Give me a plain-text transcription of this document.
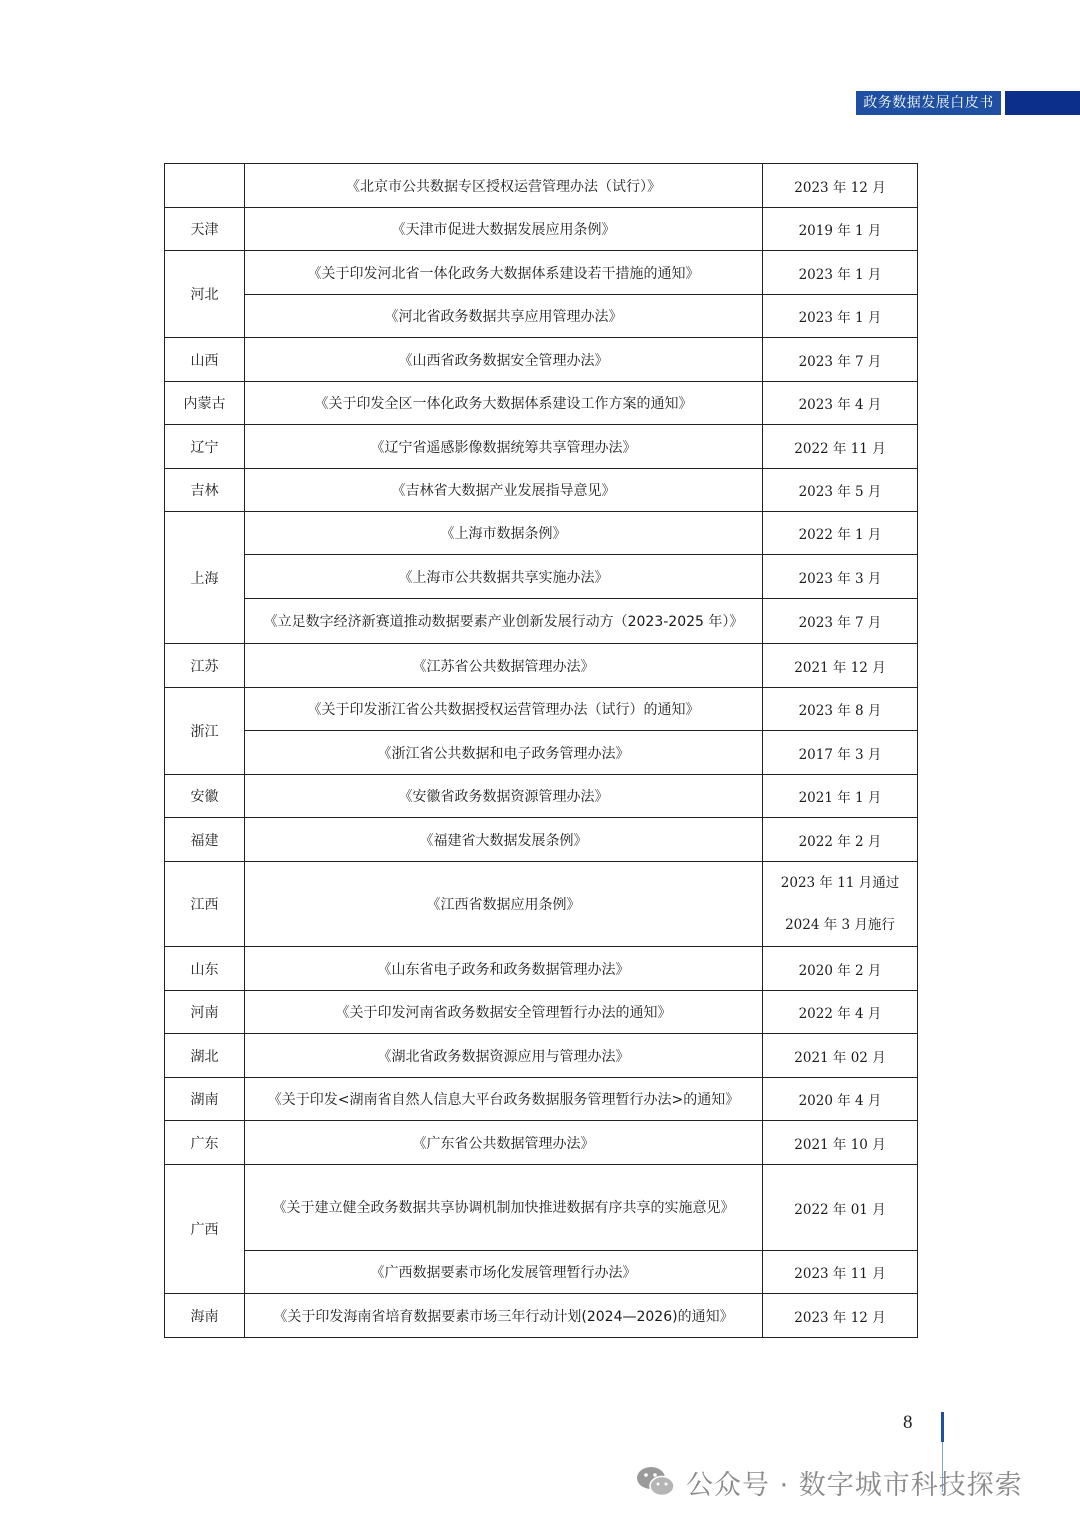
政务数据发展白皮书
	《北京市公共数据专区授权运营管理办法（试行）》	2023 年 12 月
天津	《天津市促进大数据发展应用条例》	2019 年 1 月
河北	《关于印发河北省一体化政务大数据体系建设若干措施的通知》	2023 年 1 月
	《河北省政务数据共享应用管理办法》	2023 年 1 月
山西	《山西省政务数据安全管理办法》	2023 年 7 月
内蒙古	《关于印发全区一体化政务大数据体系建设工作方案的通知》	2023 年 4 月
辽宁	《辽宁省遥感影像数据统筹共享管理办法》	2022 年 11 月
吉林	《吉林省大数据产业发展指导意见》	2023 年 5 月
上海	《上海市数据条例》	2022 年 1 月
	《上海市公共数据共享实施办法》	2023 年 3 月
	《立足数字经济新赛道推动数据要素产业创新发展行动方（2023-2025 年）》	2023 年 7 月
江苏	《江苏省公共数据管理办法》	2021 年 12 月
浙江	《关于印发浙江省公共数据授权运营管理办法（试行）的通知》	2023 年 8 月
	《浙江省公共数据和电子政务管理办法》	2017 年 3 月
安徽	《安徽省政务数据资源管理办法》	2021 年 1 月
福建	《福建省大数据发展条例》	2022 年 2 月
江西	《江西省数据应用条例》	2023 年 11 月通过
2024 年 3 月施行

山东	《山东省电子政务和政务数据管理办法》	2020 年 2 月
河南	《关于印发河南省政务数据安全管理暂行办法的通知》	2022 年 4 月
湖北	《湖北省政务数据资源应用与管理办法》	2021 年 02 月
湖南	《关于印发<湖南省自然人信息大平台政务数据服务管理暂行办法>的通知》	2020 年 4 月
广东	《广东省公共数据管理办法》	2021 年 10 月
广西	《关于建立健全政务数据共享协调机制加快推进数据有序共享的实施意见》	2022 年 01 月
	《广西数据要素市场化发展管理暂行办法》	2023 年 11 月
海南	《关于印发海南省培育数据要素市场三年行动计划(2024—2026)的通知》	2023 年 12 月
8
公众号 · 数字城市科技探索
